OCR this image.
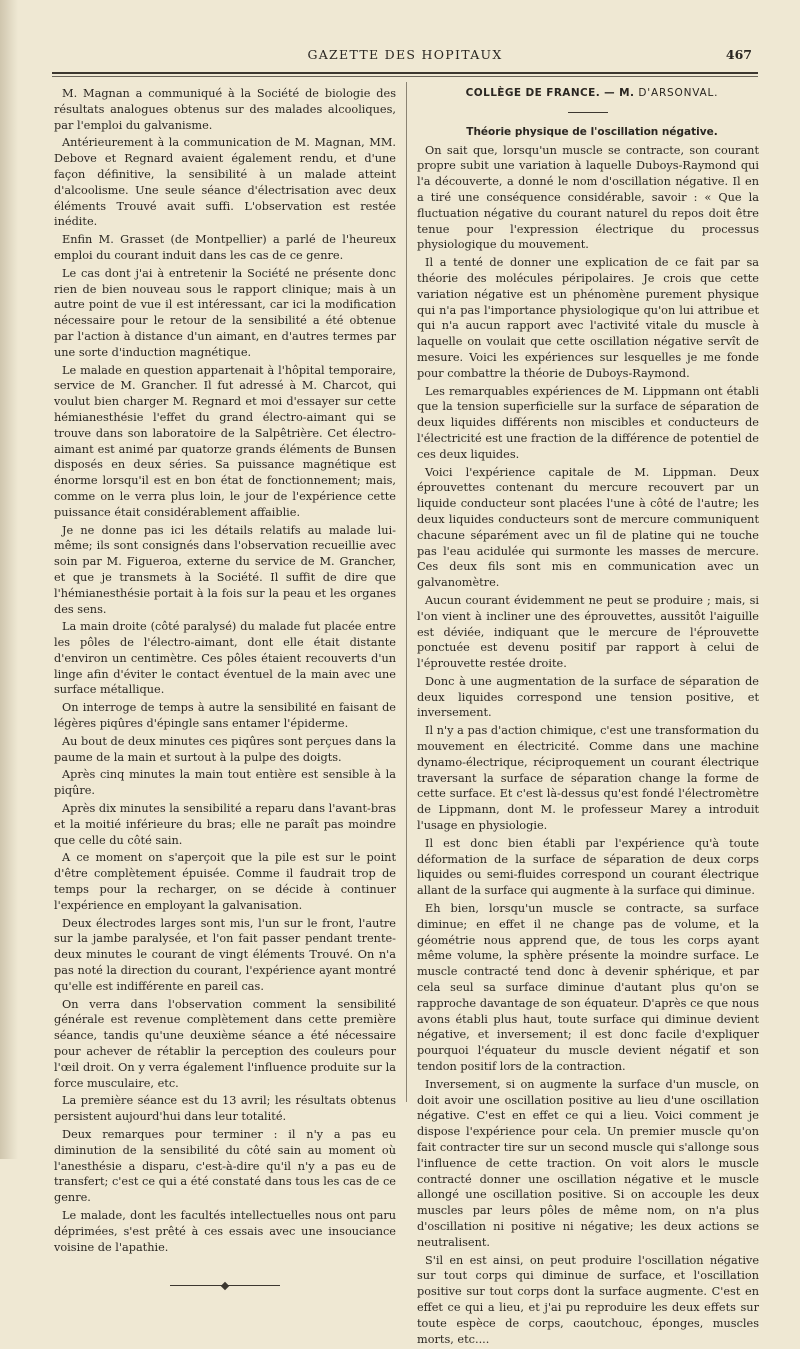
GAZETTE DES HOPITAUX	467

M. Magnan a communiqué à la Société de biologie des résultats analogues obtenus sur des malades alcooliques, par l'emploi du galvanisme.

Antérieurement à la communication de M. Magnan, MM. Debove et Regnard avaient également rendu, et d'une façon définitive, la sensibilité à un malade atteint d'alcoolisme. Une seule séance d'électrisation avec deux éléments Trouvé avait suffi. L'observation est restée inédite.

Enfin M. Grasset (de Montpellier) a parlé de l'heureux emploi du courant induit dans les cas de ce genre.

Le cas dont j'ai à entretenir la Société ne présente donc rien de bien nouveau sous le rapport clinique; mais à un autre point de vue il est intéressant, car ici la modification nécessaire pour le retour de la sensibilité a été obtenue par l'action à distance d'un aimant, en d'autres termes par une sorte d'induction magnétique.

Le malade en question appartenait à l'hôpital temporaire, service de M. Grancher. Il fut adressé à M. Charcot, qui voulut bien charger M. Regnard et moi d'essayer sur cette hémianesthésie l'effet du grand électro-aimant qui se trouve dans son laboratoire de la Salpêtrière. Cet électro-aimant est animé par quatorze grands éléments de Bunsen disposés en deux séries. Sa puissance magnétique est énorme lorsqu'il est en bon état de fonctionnement; mais, comme on le verra plus loin, le jour de l'expérience cette puissance était considérablement affaiblie.

Je ne donne pas ici les détails relatifs au malade lui-même; ils sont consignés dans l'observation recueillie avec soin par M. Figueroa, externe du service de M. Grancher, et que je transmets à la Société. Il suffit de dire que l'hémianesthésie portait à la fois sur la peau et les organes des sens.

La main droite (côté paralysé) du malade fut placée entre les pôles de l'électro-aimant, dont elle était distante d'environ un centimètre. Ces pôles étaient recouverts d'un linge afin d'éviter le contact éventuel de la main avec une surface métallique.

On interroge de temps à autre la sensibilité en faisant de légères piqûres d'épingle sans entamer l'épiderme.

Au bout de deux minutes ces piqûres sont perçues dans la paume de la main et surtout à la pulpe des doigts.

Après cinq minutes la main tout entière est sensible à la piqûre.

Après dix minutes la sensibilité a reparu dans l'avant-bras et la moitié inférieure du bras; elle ne paraît pas moindre que celle du côté sain.

A ce moment on s'aperçoit que la pile est sur le point d'être complètement épuisée. Comme il faudrait trop de temps pour la recharger, on se décide à continuer l'expérience en employant la galvanisation.

Deux électrodes larges sont mis, l'un sur le front, l'autre sur la jambe paralysée, et l'on fait passer pendant trente-deux minutes le courant de vingt éléments Trouvé. On n'a pas noté la direction du courant, l'expérience ayant montré qu'elle est indifférente en pareil cas.

On verra dans l'observation comment la sensibilité générale est revenue complètement dans cette première séance, tandis qu'une deuxième séance a été nécessaire pour achever de rétablir la perception des couleurs pour l'œil droit. On y verra également l'influence produite sur la force musculaire, etc.

La première séance est du 13 avril; les résultats obtenus persistent aujourd'hui dans leur totalité.

Deux remarques pour terminer : il n'y a pas eu diminution de la sensibilité du côté sain au moment où l'anesthésie a disparu, c'est-à-dire qu'il n'y a pas eu de transfert; c'est ce qui a été constaté dans tous les cas de ce genre.

Le malade, dont les facultés intellectuelles nous ont paru déprimées, s'est prêté à ces essais avec une insouciance voisine de l'apathie.

COLLÈGE DE FRANCE. — M. D'ARSONVAL.

Théorie physique de l'oscillation négative.

On sait que, lorsqu'un muscle se contracte, son courant propre subit une variation à laquelle Duboys-Raymond qui l'a découverte, a donné le nom d'oscillation négative. Il en a tiré une conséquence considérable, savoir : « Que la fluctuation négative du courant naturel du repos doit être tenue pour l'expression électrique du processus physiologique du mouvement.

Il a tenté de donner une explication de ce fait par sa théorie des molécules péripolaires. Je crois que cette variation négative est un phénomène purement physique qui n'a pas l'importance physiologique qu'on lui attribue et qui n'a aucun rapport avec l'activité vitale du muscle à laquelle on voulait que cette oscillation négative servît de mesure. Voici les expériences sur lesquelles je me fonde pour combattre la théorie de Duboys-Raymond.

Les remarquables expériences de M. Lippmann ont établi que la tension superficielle sur la surface de séparation de deux liquides différents non miscibles et conducteurs de l'électricité est une fraction de la différence de potentiel de ces deux liquides.

Voici l'expérience capitale de M. Lippman. Deux éprouvettes contenant du mercure recouvert par un liquide conducteur sont placées l'une à côté de l'autre; les deux liquides conducteurs sont de mercure communiquent chacune séparément avec un fil de platine qui ne touche pas l'eau acidulée qui surmonte les masses de mercure. Ces deux fils sont mis en communication avec un galvanomètre.

Aucun courant évidemment ne peut se produire ; mais, si l'on vient à incliner une des éprouvettes, aussitôt l'aiguille est déviée, indiquant que le mercure de l'éprouvette ponctuée est devenu positif par rapport à celui de l'éprouvette restée droite.

Donc à une augmentation de la surface de séparation de deux liquides correspond une tension positive, et inversement.

Il n'y a pas d'action chimique, c'est une transformation du mouvement en électricité. Comme dans une machine dynamo-électrique, réciproquement un courant électrique traversant la surface de séparation change la forme de cette surface. Et c'est là-dessus qu'est fondé l'électromètre de Lippmann, dont M. le professeur Marey a introduit l'usage en physiologie.

Il est donc bien établi par l'expérience qu'à toute déformation de la surface de séparation de deux corps liquides ou semi-fluides correspond un courant électrique allant de la surface qui augmente à la surface qui diminue.

Eh bien, lorsqu'un muscle se contracte, sa surface diminue; en effet il ne change pas de volume, et la géométrie nous apprend que, de tous les corps ayant même volume, la sphère présente la moindre surface. Le muscle contracté tend donc à devenir sphérique, et par cela seul sa surface diminue d'autant plus qu'on se rapproche davantage de son équateur. D'après ce que nous avons établi plus haut, toute surface qui diminue devient négative, et inversement; il est donc facile d'expliquer pourquoi l'équateur du muscle devient négatif et son tendon positif lors de la contraction.

Inversement, si on augmente la surface d'un muscle, on doit avoir une oscillation positive au lieu d'une oscillation négative. C'est en effet ce qui a lieu. Voici comment je dispose l'expérience pour cela. Un premier muscle qu'on fait contracter tire sur un second muscle qui s'allonge sous l'influence de cette traction. On voit alors le muscle contracté donner une oscillation négative et le muscle allongé une oscillation positive. Si on accouple les deux muscles par leurs pôles de même nom, on n'a plus d'oscillation ni positive ni négative; les deux actions se neutralisent.

S'il en est ainsi, on peut produire l'oscillation négative sur tout corps qui diminue de surface, et l'oscillation positive sur tout corps dont la surface augmente. C'est en effet ce qui a lieu, et j'ai pu reproduire les deux effets sur toute espèce de corps, caoutchouc, éponges, muscles morts, etc....
